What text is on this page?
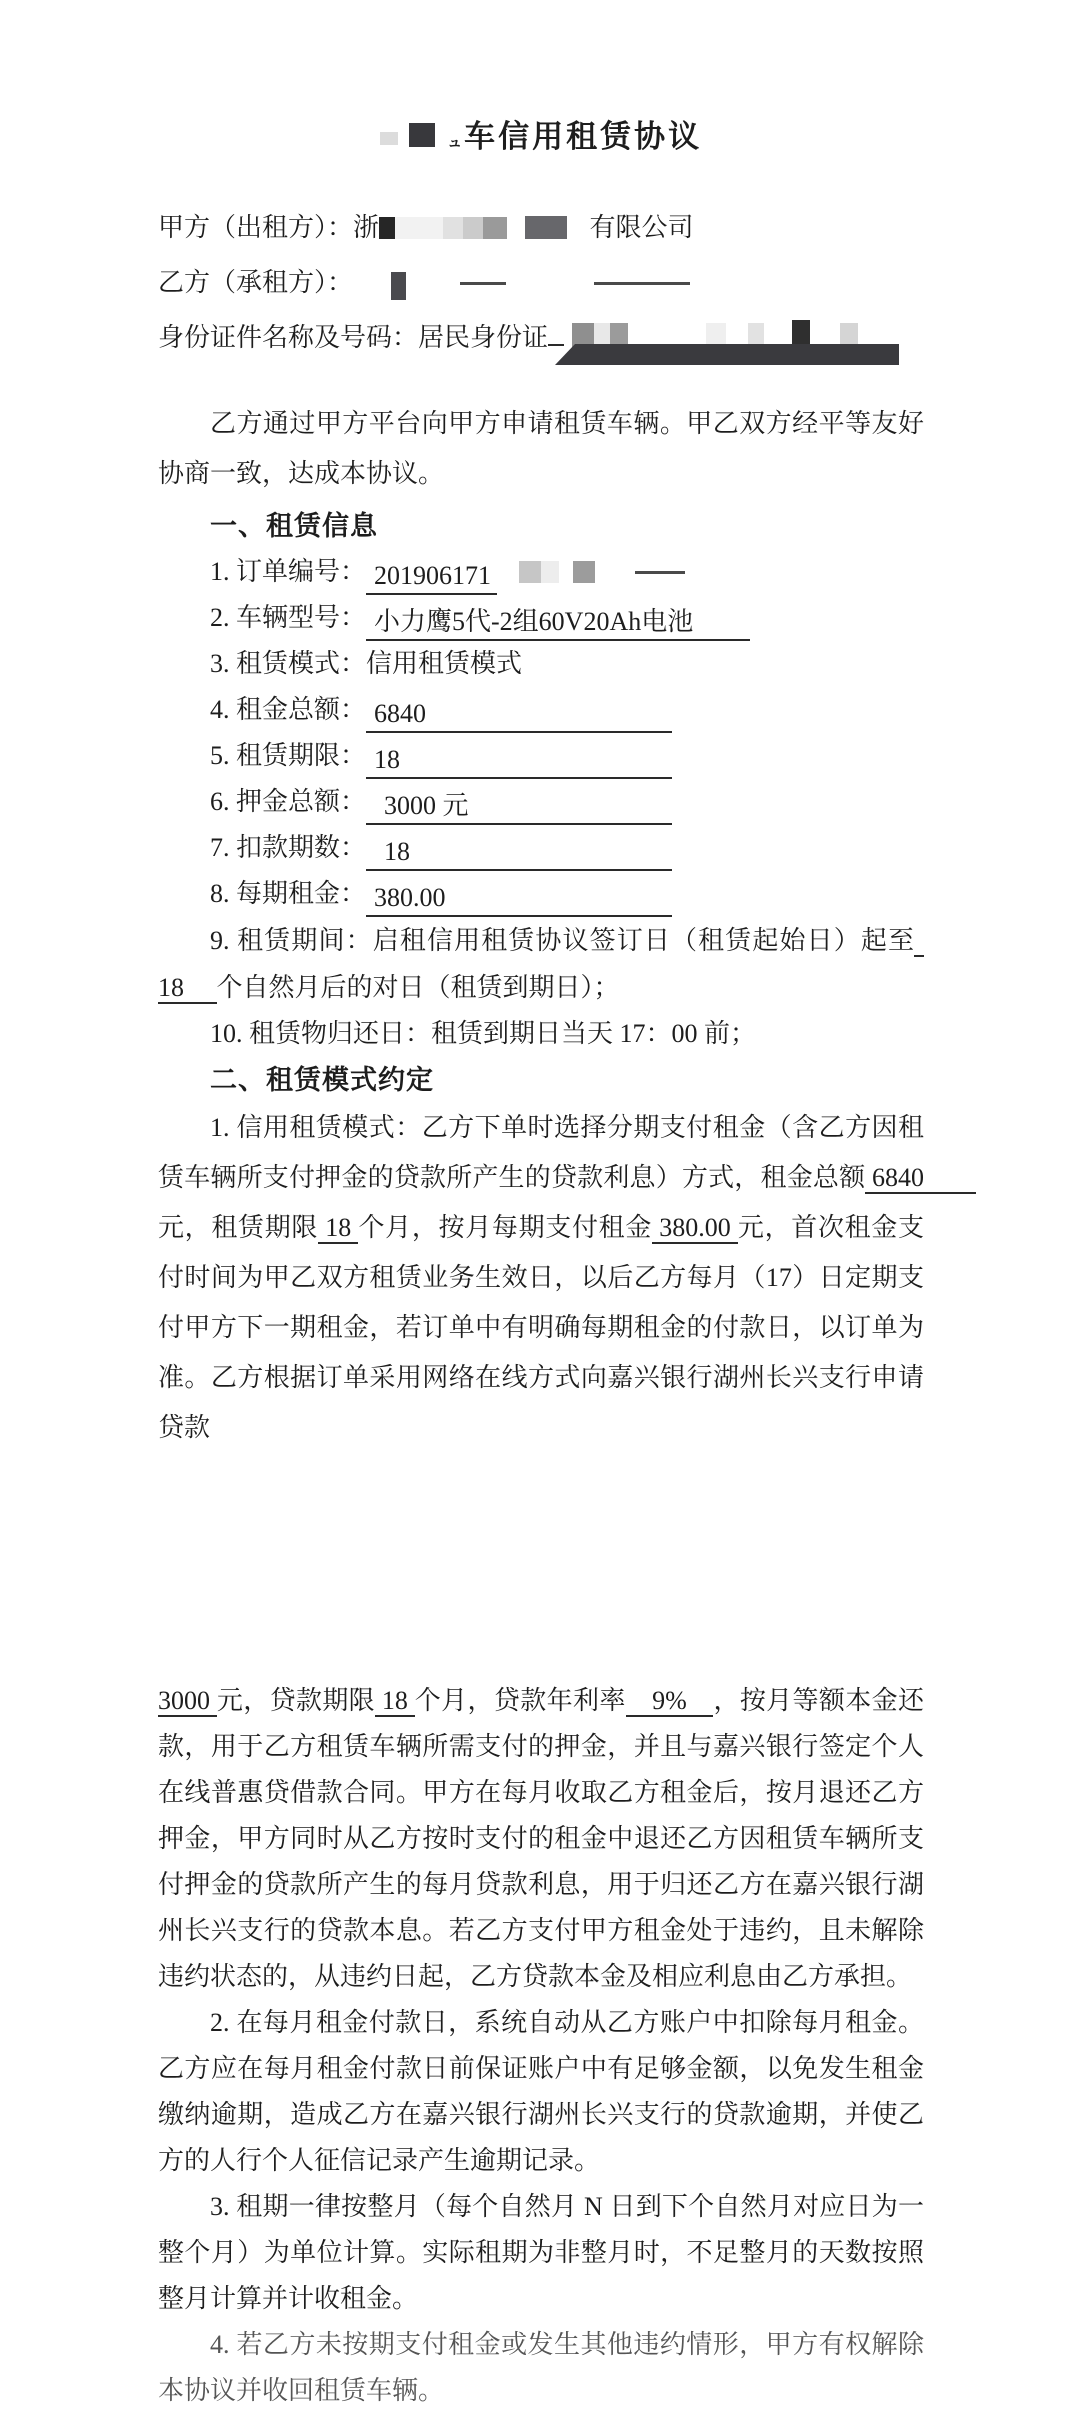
ュ车信用租赁协议
甲方（出租方）：浙	有限公司
乙方（承租方）：
身份证件名称及号码：居民身份证

乙方通过甲方平台向甲方申请租赁车辆。甲乙双方经平等友好协商一致，达成本协议。

一、租赁信息
1. 订单编号： 201906171
2. 车辆型号： 小力鹰5代-2组60V20Ah电池
3. 租赁模式：信用租赁模式
4. 租金总额： 6840
5. 租赁期限： 18
6. 押金总额： 3000 元
7. 扣款期数： 18
8. 每期租金： 380.00

9. 租赁期间：启租信用租赁协议签订日（租赁起始日）起至 18 个自然月后的对日（租赁到期日）；

10. 租赁物归还日：租赁到期日当天 17：00 前；
二、租赁模式约定

1. 信用租赁模式：乙方下单时选择分期支付租金（含乙方因租赁车辆所支付押金的贷款所产生的贷款利息）方式，租金总额 6840　　元，租赁期限 18 个月，按月每期支付租金 380.00 元，首次租金支付时间为甲乙双方租赁业务生效日，以后乙方每月（17）日定期支付甲方下一期租金，若订单中有明确每期租金的付款日，以订单为准。乙方根据订单采用网络在线方式向嘉兴银行湖州长兴支行申请贷款

3000 元，贷款期限 18 个月，贷款年利率　9%　，按月等额本金还款，用于乙方租赁车辆所需支付的押金，并且与嘉兴银行签定个人在线普惠贷借款合同。甲方在每月收取乙方租金后，按月退还乙方押金，甲方同时从乙方按时支付的租金中退还乙方因租赁车辆所支付押金的贷款所产生的每月贷款利息，用于归还乙方在嘉兴银行湖州长兴支行的贷款本息。若乙方支付甲方租金处于违约，且未解除违约状态的，从违约日起，乙方贷款本金及相应利息由乙方承担。

2. 在每月租金付款日，系统自动从乙方账户中扣除每月租金。乙方应在每月租金付款日前保证账户中有足够金额，以免发生租金缴纳逾期，造成乙方在嘉兴银行湖州长兴支行的贷款逾期，并使乙方的人行个人征信记录产生逾期记录。

3. 租期一律按整月（每个自然月 N 日到下个自然月对应日为一整个月）为单位计算。实际租期为非整月时，不足整月的天数按照整月计算并计收租金。

4. 若乙方未按期支付租金或发生其他违约情形，甲方有权解除本协议并收回租赁车辆。
